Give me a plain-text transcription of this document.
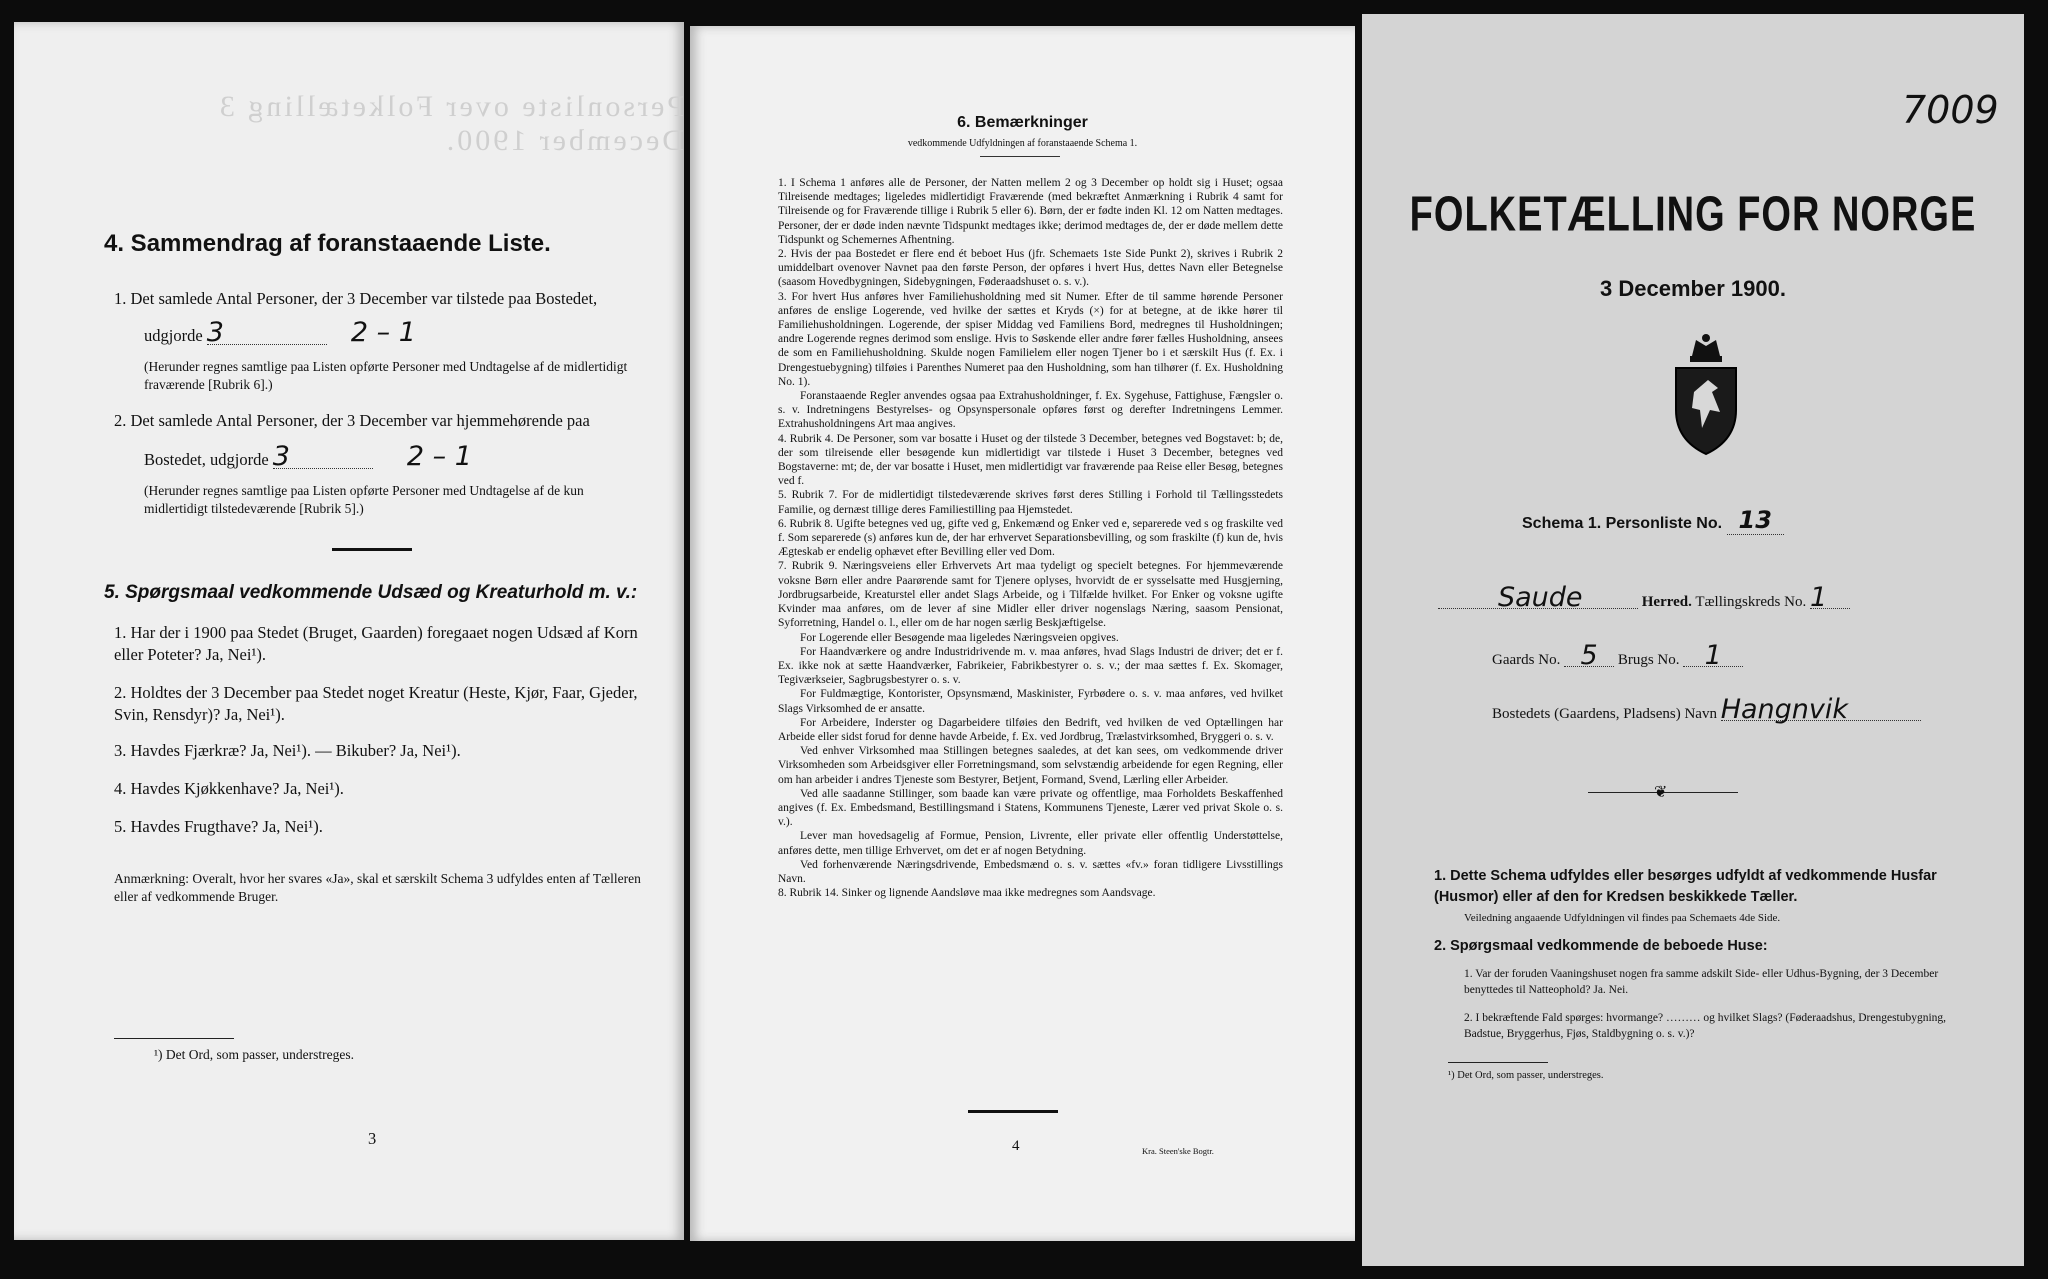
Personliste over Folketælling 3 December 1900.
4. Sammendrag af foranstaaende Liste.
1. Det samlede Antal Personer, der 3 December var tilstede paa Bostedet,
udgjorde 3	2 – 1
(Herunder regnes samtlige paa Listen opførte Personer med Undtagelse af de midlertidigt fraværende [Rubrik 6].)
2. Det samlede Antal Personer, der 3 December var hjemmehørende paa
Bostedet, udgjorde 3	2 – 1
(Herunder regnes samtlige paa Listen opførte Personer med Undtagelse af de kun midlertidigt tilstedeværende [Rubrik 5].)
5. Spørgsmaal vedkommende Udsæd og Kreaturhold m. v.:
1. Har der i 1900 paa Stedet (Bruget, Gaarden) foregaaet nogen Udsæd af Korn eller Poteter? Ja, Nei¹).
2. Holdtes der 3 December paa Stedet noget Kreatur (Heste, Kjør, Faar, Gjeder, Svin, Rensdyr)? Ja, Nei¹).
3. Havdes Fjærkræ? Ja, Nei¹). — Bikuber? Ja, Nei¹).
4. Havdes Kjøkkenhave? Ja, Nei¹).
5. Havdes Frugthave? Ja, Nei¹).
Anmærkning: Overalt, hvor her svares «Ja», skal et særskilt Schema 3 udfyldes enten af Tælleren eller af vedkommende Bruger.
¹) Det Ord, som passer, understreges.
3
6. Bemærkninger
vedkommende Udfyldningen af foranstaaende Schema 1.

1. I Schema 1 anføres alle de Personer, der Natten mellem 2 og 3 December op holdt sig i Huset; ogsaa Tilreisende medtages; ligeledes midlertidigt Fraværende (med bekræftet Anmærkning i Rubrik 4 samt for Tilreisende og for Fraværende tillige i Rubrik 5 eller 6). Børn, der er fødte inden Kl. 12 om Natten medtages. Personer, der er døde inden nævnte Tidspunkt medtages ikke; derimod medtages de, der er døde mellem dette Tidspunkt og Schemernes Afhentning.

2. Hvis der paa Bostedet er flere end ét beboet Hus (jfr. Schemaets 1ste Side Punkt 2), skrives i Rubrik 2 umiddelbart ovenover Navnet paa den første Person, der opføres i hvert Hus, dettes Navn eller Betegnelse (saasom Hovedbygningen, Sidebygningen, Føderaadshuset o. s. v.).

3. For hvert Hus anføres hver Familiehusholdning med sit Numer. Efter de til samme hørende Personer anføres de enslige Logerende, ved hvilke der sættes et Kryds (×) for at betegne, at de ikke hører til Familiehusholdningen. Logerende, der spiser Middag ved Familiens Bord, medregnes til Husholdningen; andre Logerende regnes derimod som enslige. Hvis to Søskende eller andre fører fælles Husholdning, ansees de som en Familiehusholdning. Skulde nogen Familielem eller nogen Tjener bo i et særskilt Hus (f. Ex. i Drengestuebygning) tilføies i Parenthes Numeret paa den Husholdning, som han tilhører (f. Ex. Husholdning No. 1).

Foranstaaende Regler anvendes ogsaa paa Extrahusholdninger, f. Ex. Sygehuse, Fattighuse, Fængsler o. s. v. Indretningens Bestyrelses- og Opsynspersonale opføres først og derefter Indretningens Lemmer. Extrahusholdningens Art maa angives.

4. Rubrik 4. De Personer, som var bosatte i Huset og der tilstede 3 December, betegnes ved Bogstavet: b; de, der som tilreisende eller besøgende kun midlertidigt var tilstede i Huset 3 December, betegnes ved Bogstaverne: mt; de, der var bosatte i Huset, men midlertidigt var fraværende paa Reise eller Besøg, betegnes ved f.

5. Rubrik 7. For de midlertidigt tilstedeværende skrives først deres Stilling i Forhold til Tællingsstedets Familie, og dernæst tillige deres Familiestilling paa Hjemstedet.

6. Rubrik 8. Ugifte betegnes ved ug, gifte ved g, Enkemænd og Enker ved e, separerede ved s og fraskilte ved f. Som separerede (s) anføres kun de, der har erhvervet Separationsbevilling, og som fraskilte (f) kun de, hvis Ægteskab er endelig ophævet efter Bevilling eller ved Dom.

7. Rubrik 9. Næringsveiens eller Erhvervets Art maa tydeligt og specielt betegnes. For hjemmeværende voksne Børn eller andre Paarørende samt for Tjenere oplyses, hvorvidt de er sysselsatte med Husgjerning, Jordbrugsarbeide, Kreaturstel eller andet Slags Arbeide, og i Tilfælde hvilket. For Enker og voksne ugifte Kvinder maa anføres, om de lever af sine Midler eller driver nogenslags Næring, saasom Pensionat, Syforretning, Handel o. l., eller om de har nogen særlig Beskjæftigelse.

For Logerende eller Besøgende maa ligeledes Næringsveien opgives.

For Haandværkere og andre Industridrivende m. v. maa anføres, hvad Slags Industri de driver; det er f. Ex. ikke nok at sætte Haandværker, Fabrikeier, Fabrikbestyrer o. s. v.; der maa sættes f. Ex. Skomager, Tegiværkseier, Sagbrugsbestyrer o. s. v.

For Fuldmægtige, Kontorister, Opsynsmænd, Maskinister, Fyrbødere o. s. v. maa anføres, ved hvilket Slags Virksomhed de er ansatte.

For Arbeidere, Inderster og Dagarbeidere tilføies den Bedrift, ved hvilken de ved Optællingen har Arbeide eller sidst forud for denne havde Arbeide, f. Ex. ved Jordbrug, Trælastvirksomhed, Bryggeri o. s. v.

Ved enhver Virksomhed maa Stillingen betegnes saaledes, at det kan sees, om vedkommende driver Virksomheden som Arbeidsgiver eller Forretningsmand, som selvstændig arbeidende for egen Regning, eller om han arbeider i andres Tjeneste som Bestyrer, Betjent, Formand, Svend, Lærling eller Arbeider.

Ved alle saadanne Stillinger, som baade kan være private og offentlige, maa Forholdets Beskaffenhed angives (f. Ex. Embedsmand, Bestillingsmand i Statens, Kommunens Tjeneste, Lærer ved privat Skole o. s. v.).

Lever man hovedsagelig af Formue, Pension, Livrente, eller private eller offentlig Understøttelse, anføres dette, men tillige Erhvervet, om det er af nogen Betydning.

Ved forhenværende Næringsdrivende, Embedsmænd o. s. v. sættes «fv.» foran tidligere Livsstillings Navn.

8. Rubrik 14. Sinker og lignende Aandsløve maa ikke medregnes som Aandsvage.

4	Kra. Steen'ske Bogtr.
7009
FOLKETÆLLING FOR NORGE
3 December 1900.
Schema 1. Personliste No. 13
Saude	Herred. Tællingskreds No. 1
Gaards No. 5 Brugs No. 1
Bostedets (Gaardens, Pladsens) Navn Hangnvik
❦
1. Dette Schema udfyldes eller besørges udfyldt af vedkommende Husfar (Husmor) eller af den for Kredsen beskikkede Tæller.
Veiledning angaaende Udfyldningen vil findes paa Schemaets 4de Side.
2. Spørgsmaal vedkommende de beboede Huse:
1. Var der foruden Vaaningshuset nogen fra samme adskilt Side- eller Udhus-Bygning, der 3 December benyttedes til Natteophold? Ja. Nei.
2. I bekræftende Fald spørges: hvormange? ……… og hvilket Slags? (Føderaadshus, Drengestubygning, Badstue, Bryggerhus, Fjøs, Staldbygning o. s. v.)?
¹) Det Ord, som passer, understreges.
